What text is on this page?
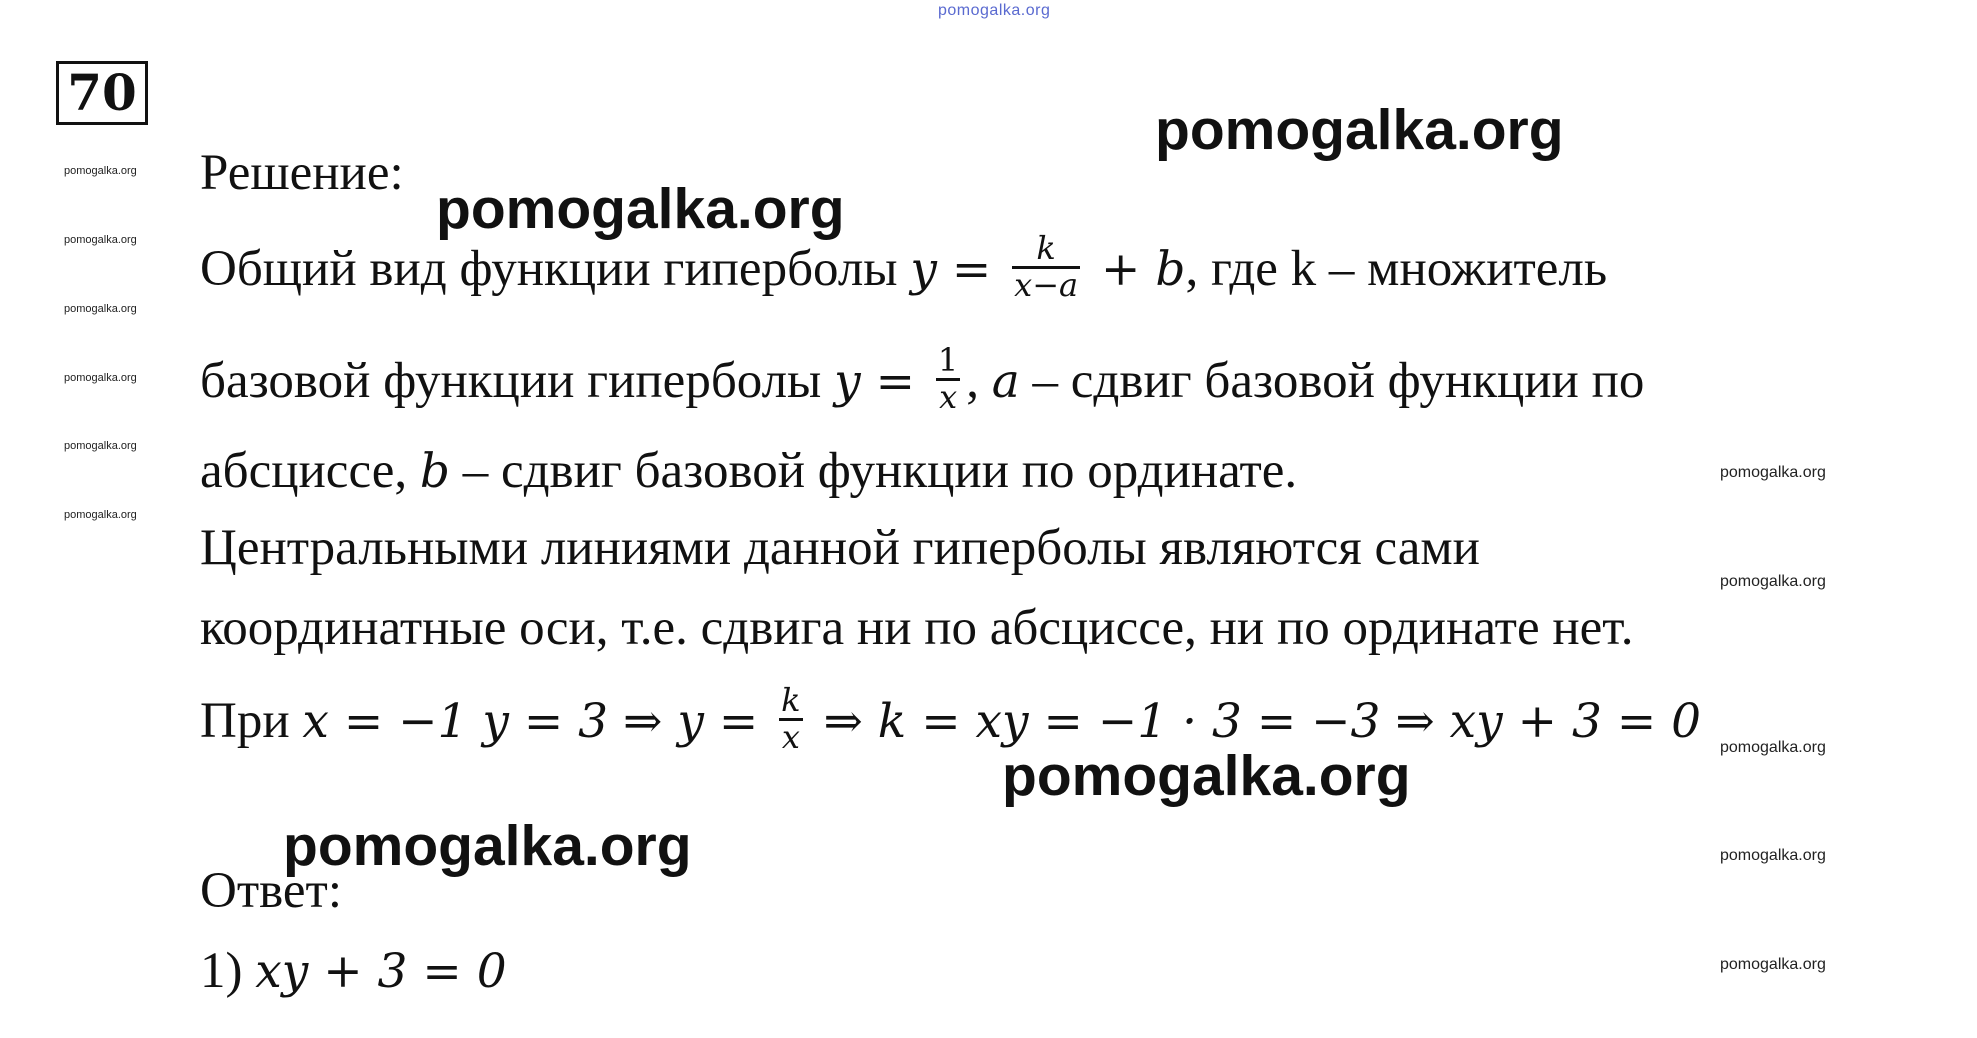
pomogalka.org
70
pomogalka.org
pomogalka.org
pomogalka.org
pomogalka.org
pomogalka.org
pomogalka.org
pomogalka.org
pomogalka.org
pomogalka.org
pomogalka.org
pomogalka.org
Решение:
Общий вид функции гиперболы $y = \frac{k}{x-a} + b$, где k – множитель
базовой функции гиперболы $y = \frac{1}{x}$ , a – сдвиг базовой функции по
абсциссе, b – сдвиг базовой функции по ординате.
Центральными линиями данной гиперболы являются сами
координатные оси, т.е. сдвига ни по абсциссе, ни по ординате нет.
При x = −1 y = 3 ⇒ $y = \frac{k}{x}$ ⇒ k = xy = −1 · 3 = −3 ⇒ xy + 3 = 0
Ответ:
1) xy + 3 = 0
pomogalka.org
pomogalka.org
pomogalka.org
pomogalka.org
